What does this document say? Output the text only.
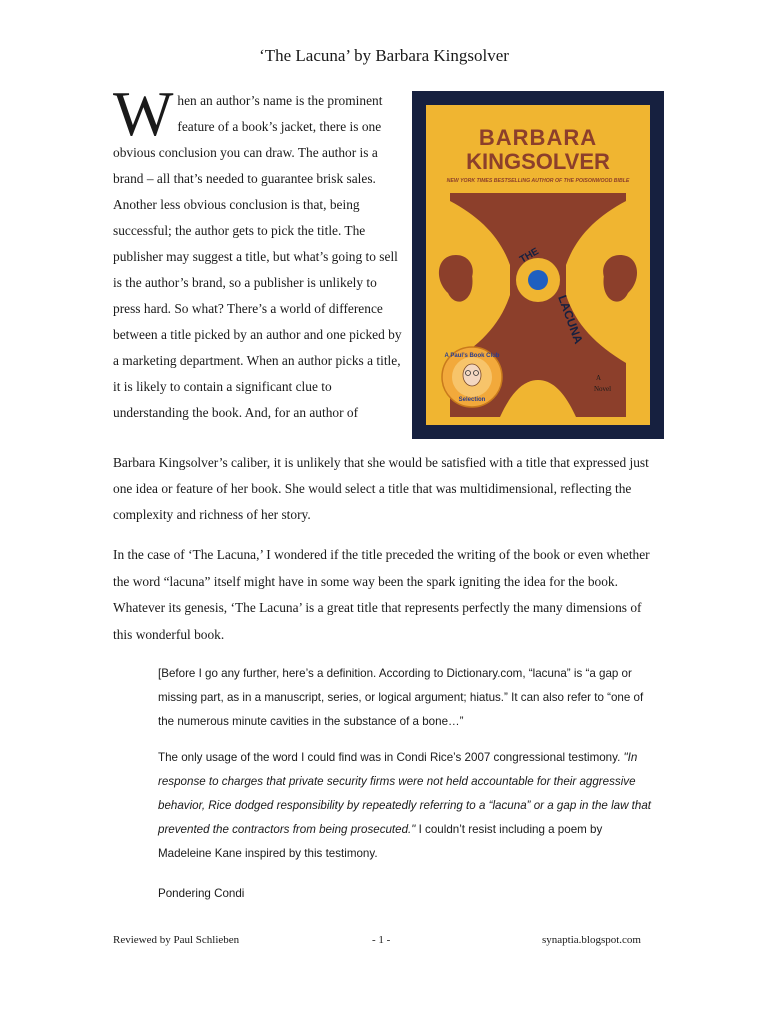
‘The Lacuna’ by Barbara Kingsolver
W hen an author’s name is the prominent feature of a book’s jacket, there is one obvious conclusion you can draw. The author is a brand – all that’s needed to guarantee brisk sales. Another less obvious conclusion is that, being successful; the author gets to pick the title. The publisher may suggest a title, but what’s going to sell is the author’s brand, so a publisher is unlikely to press hard. So what? There’s a world of difference between a title picked by an author and one picked by a marketing department. When an author picks a title, it is likely to contain a significant clue to understanding the book. And, for an author of
BARBARA
KINGSOLVER
NEW YORK TIMES BESTSELLING AUTHOR OF THE POISONWOOD BIBLE
THE
LACUNA
A
Novel
A Paul’s Book Club
Selection
Barbara Kingsolver’s caliber, it is unlikely that she would be satisfied with a title that expressed just one idea or feature of her book. She would select a title that was multidimensional, reflecting the complexity and richness of her story.
In the case of ‘The Lacuna,’ I wondered if the title preceded the writing of the book or even whether the word “lacuna” itself might have in some way been the spark igniting the idea for the book. Whatever its genesis, ‘The Lacuna’ is a great title that represents perfectly the many dimensions of this wonderful book.
[Before I go any further, here’s a definition. According to Dictionary.com, “lacuna” is “a gap or missing part, as in a manuscript, series, or logical argument; hiatus.” It can also refer to “one of the numerous minute cavities in the substance of a bone…”
The only usage of the word I could find was in Condi Rice’s 2007 congressional testimony. "In response to charges that private security firms were not held accountable for their aggressive behavior, Rice dodged responsibility by repeatedly referring to a “lacuna” or a gap in the law that prevented the contractors from being prosecuted." I couldn’t resist including a poem by Madeleine Kane inspired by this testimony.
Pondering Condi
Reviewed by Paul Schlieben	- 1 -	synaptia.blogspot.com
